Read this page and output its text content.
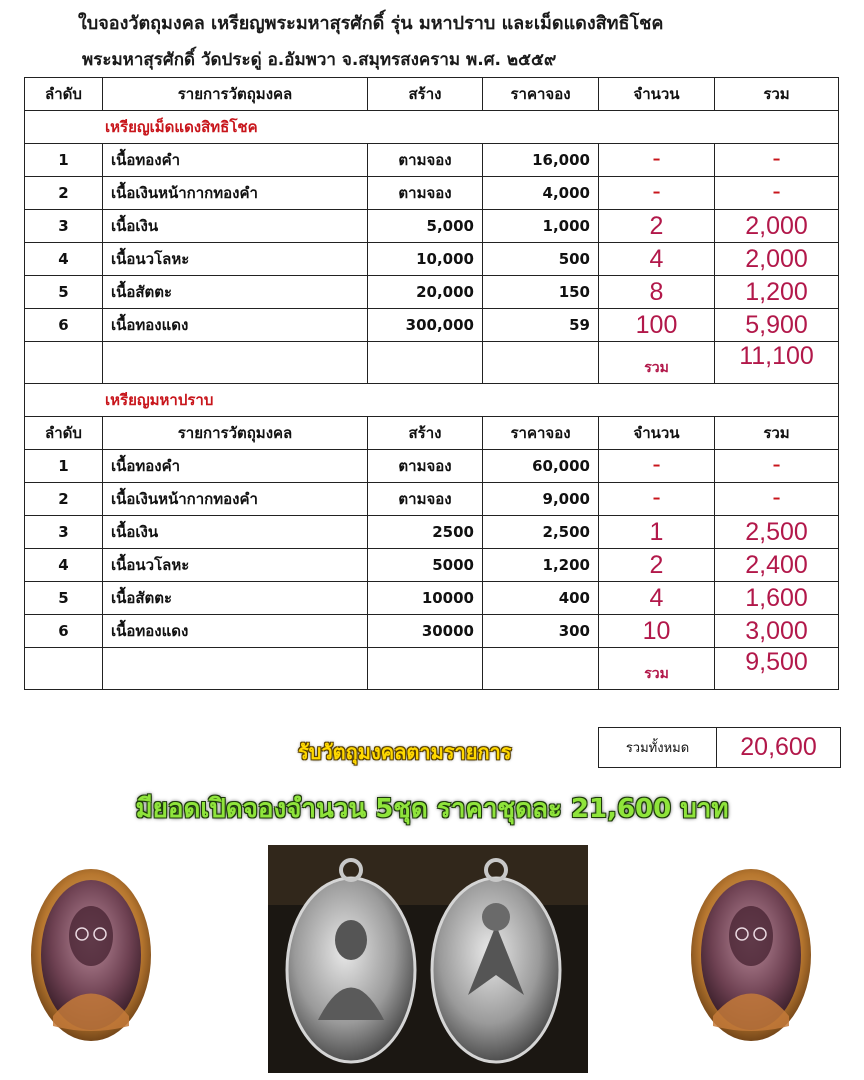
ใบจองวัตถุมงคล เหรียญพระมหาสุรศักดิ์ รุ่น มหาปราบ และเม็ดแดงสิทธิโชค
พระมหาสุรศักดิ์ วัดประดู่ อ.อัมพวา จ.สมุทรสงคราม พ.ศ. ๒๕๕๙
ลำดับ	รายการวัตถุมงคล	สร้าง	ราคาจอง	จำนวน	รวม
เหรียญเม็ดแดงสิทธิโชค					
1	เนื้อทองคำ	ตามจอง	16,000	-	-
2	เนื้อเงินหน้ากากทองคำ	ตามจอง	4,000	-	-
3	เนื้อเงิน	5,000	1,000	2	2,000
4	เนื้อนวโลหะ	10,000	500	4	2,000
5	เนื้อสัตตะ	20,000	150	8	1,200
6	เนื้อทองแดง	300,000	59	100	5,900
				รวม	11,100
เหรียญมหาปราบ					
ลำดับ	รายการวัตถุมงคล	สร้าง	ราคาจอง	จำนวน	รวม
1	เนื้อทองคำ	ตามจอง	60,000	-	-
2	เนื้อเงินหน้ากากทองคำ	ตามจอง	9,000	-	-
3	เนื้อเงิน	2500	2,500	1	2,500
4	เนื้อนวโลหะ	5000	1,200	2	2,400
5	เนื้อสัตตะ	10000	400	4	1,600
6	เนื้อทองแดง	30000	300	10	3,000
				รวม	9,500
รวมทั้งหมด	20,600
รับวัตถุมงคลตามรายการ
มียอดเปิดจองจำนวน 5ชุด ราคาชุดละ 21,600 บาท
